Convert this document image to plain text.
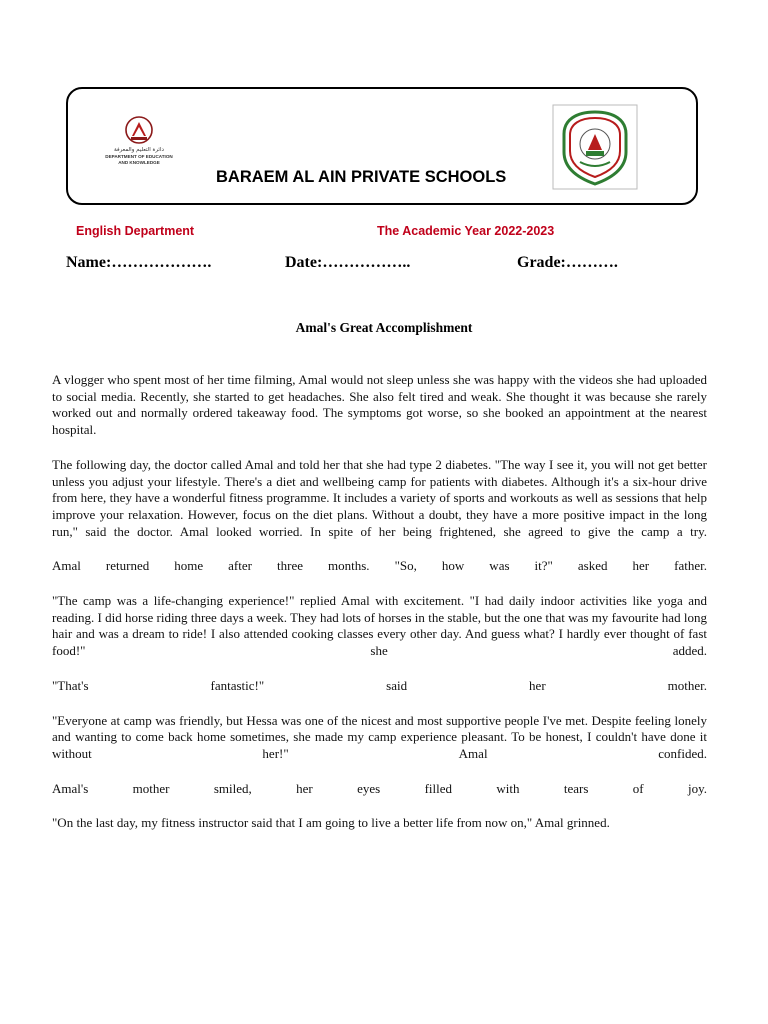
دائرة التعليم والمعرفة
DEPARTMENT OF EDUCATION
AND KNOWLEDGE
BARAEM AL AIN PRIVATE SCHOOLS
English Department	The Academic Year 2022-2023
Name:……………….	Date:……………..	Grade:……….
Amal's Great Accomplishment

A vlogger who spent most of her time filming, Amal would not sleep unless she was happy with the videos she had uploaded to social media. Recently, she started to get headaches. She also felt tired and weak. She thought it was because she rarely worked out and normally ordered takeaway food. The symptoms got worse, so she booked an appointment at the nearest hospital.

The following day, the doctor called Amal and told her that she had type 2 diabetes. "The way I see it, you will not get better unless you adjust your lifestyle. There's a diet and wellbeing camp for patients with diabetes. Although it's a six-hour drive from here, they have a wonderful fitness programme. It includes a variety of sports and workouts as well as sessions that help improve your relaxation. However, focus on the diet plans. Without a doubt, they have a more positive impact in the long run," said the doctor. Amal looked worried. In spite of her being frightened, she agreed to give the camp a try.

Amal returned home after three months. "So, how was it?" asked her father.

"The camp was a life-changing experience!" replied Amal with excitement. "I had daily indoor activities like yoga and reading. I did horse riding three days a week. They had lots of horses in the stable, but the one that was my favourite had long hair and was a dream to ride! I also attended cooking classes every other day. And guess what? I hardly ever thought of fast food!" she added.

"That's fantastic!" said her mother.

"Everyone at camp was friendly, but Hessa was one of the nicest and most supportive people I've met. Despite feeling lonely and wanting to come back home sometimes, she made my camp experience pleasant. To be honest, I couldn't have done it without her!" Amal confided.

Amal's mother smiled, her eyes filled with tears of joy.

"On the last day, my fitness instructor said that I am going to live a better life from now on," Amal grinned.
